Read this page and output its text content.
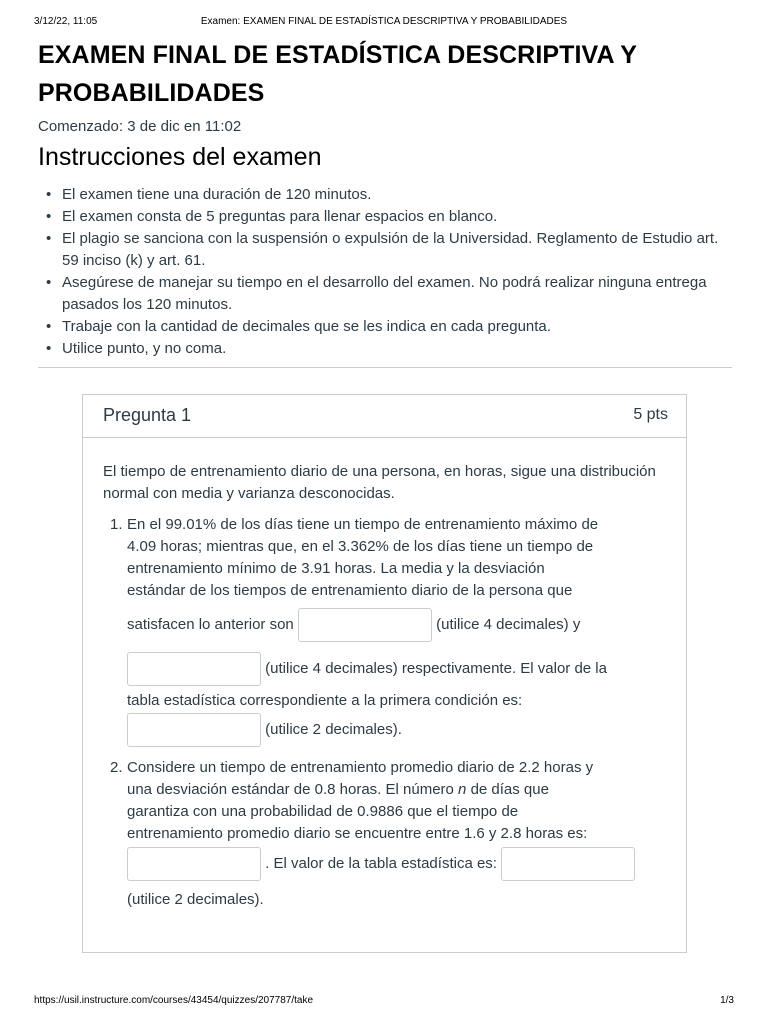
3/12/22, 11:05	Examen: EXAMEN FINAL DE ESTADÍSTICA DESCRIPTIVA Y PROBABILIDADES
EXAMEN FINAL DE ESTADÍSTICA DESCRIPTIVA Y PROBABILIDADES
Comenzado: 3 de dic en 11:02
Instrucciones del examen
• El examen tiene una duración de 120 minutos.
• El examen consta de 5 preguntas para llenar espacios en blanco.
• El plagio se sanciona con la suspensión o expulsión de la Universidad. Reglamento de Estudio art. 59 inciso (k) y art. 61.
• Asegúrese de manejar su tiempo en el desarrollo del examen. No podrá realizar ninguna entrega pasados los 120 minutos.
• Trabaje con la cantidad de decimales que se les indica en cada pregunta.
• Utilice punto, y no coma.
Pregunta 1	5 pts

El tiempo de entrenamiento diario de una persona, en horas, sigue una distribución normal con media y varianza desconocidas.

1. En el 99.01% de los días tiene un tiempo de entrenamiento máximo de
4.09 horas; mientras que, en el 3.362% de los días tiene un tiempo de
entrenamiento mínimo de 3.91 horas. La media y la desviación
estándar de los tiempos de entrenamiento diario de la persona que
satisfacen lo anterior son	(utilice 4 decimales) y
(utilice 4 decimales) respectivamente. El valor de la
tabla estadística correspondiente a la primera condición es:
(utilice 2 decimales).
2. Considere un tiempo de entrenamiento promedio diario de 2.2 horas y
una desviación estándar de 0.8 horas. El número n de días que
garantiza con una probabilidad de 0.9886 que el tiempo de
entrenamiento promedio diario se encuentre entre 1.6 y 2.8 horas es:
. El valor de la tabla estadística es:
(utilice 2 decimales).
https://usil.instructure.com/courses/43454/quizzes/207787/take	1/3
